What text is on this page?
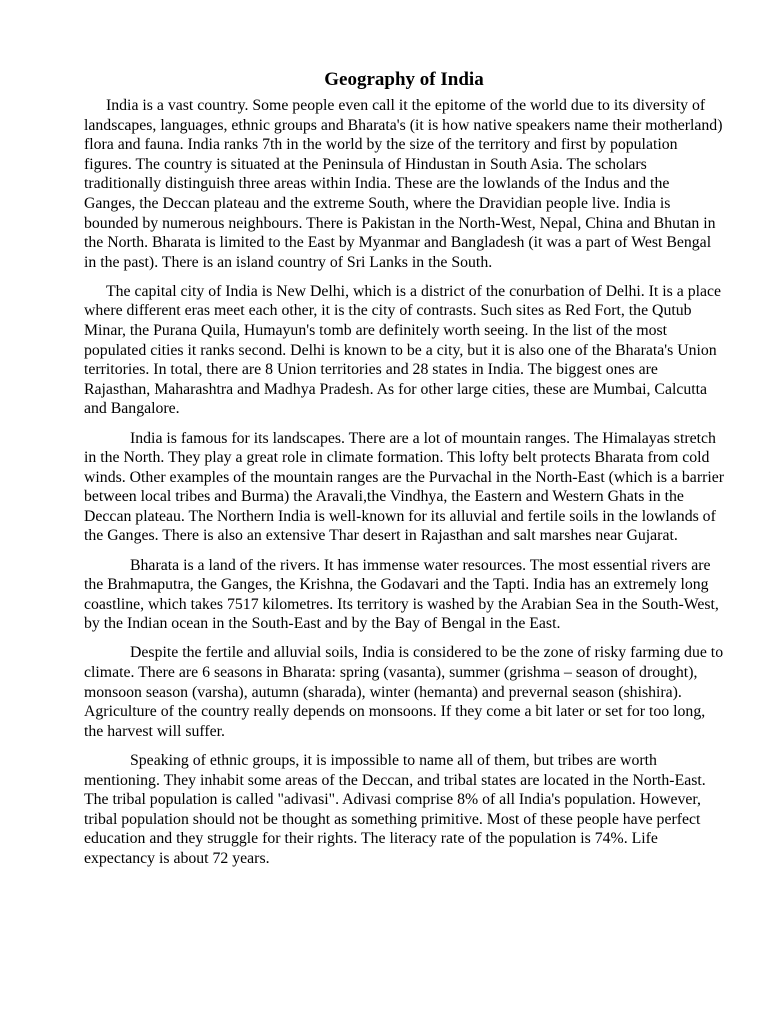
Geography of India

India is a vast country. Some people even call it the epitome of the world due to its diversity of landscapes, languages, ethnic groups and Bharata's (it is how native speakers name their motherland) flora and fauna. India ranks 7th in the world by the size of the territory and first by population figures. The country is situated at the Peninsula of Hindustan in South Asia. The scholars traditionally distinguish three areas within India. These are the lowlands of the Indus and the Ganges, the Deccan plateau and the extreme South, where the Dravidian people live. India is bounded by numerous neighbours. There is Pakistan in the North-West, Nepal, China and Bhutan in the North. Bharata is limited to the East by Myanmar and Bangladesh (it was a part of West Bengal in the past). There is an island country of Sri Lanks in the South.

The capital city of India is New Delhi, which is a district of the conurbation of Delhi. It is a place where different eras meet each other, it is the city of contrasts. Such sites as Red Fort, the Qutub Minar, the Purana Quila, Humayun's tomb are definitely worth seeing. In the list of the most populated cities it ranks second. Delhi is known to be a city, but it is also one of the Bharata's Union territories. In total, there are 8 Union territories and 28 states in India. The biggest ones are Rajasthan, Maharashtra and Madhya Pradesh. As for other large cities, these are Mumbai, Calcutta and Bangalore.

India is famous for its landscapes. There are a lot of mountain ranges. The Himalayas stretch in the North. They play a great role in climate formation. This lofty belt protects Bharata from cold winds. Other examples of the mountain ranges are the Purvachal in the North-East (which is a barrier between local tribes and Burma) the Aravali,the Vindhya, the Eastern and Western Ghats in the Deccan plateau. The Northern India is well-known for its alluvial and fertile soils in the lowlands of the Ganges. There is also an extensive Thar desert in Rajasthan and salt marshes near Gujarat.

Bharata is a land of the rivers. It has immense water resources. The most essential rivers are the Brahmaputra, the Ganges, the Krishna, the Godavari and the Tapti. India has an extremely long coastline, which takes 7517 kilometres. Its territory is washed by the Arabian Sea in the South-West, by the Indian ocean in the South-East and by the Bay of Bengal in the East.

Despite the fertile and alluvial soils, India is considered to be the zone of risky farming due to climate. There are 6 seasons in Bharata: spring (vasanta), summer (grishma – season of drought), monsoon season (varsha), autumn (sharada), winter (hemanta) and prevernal season (shishira). Agriculture of the country really depends on monsoons. If they come a bit later or set for too long, the harvest will suffer.

Speaking of ethnic groups, it is impossible to name all of them, but tribes are worth mentioning. They inhabit some areas of the Deccan, and tribal states are located in the North-East. The tribal population is called "adivasi". Adivasi comprise 8% of all India's population. However, tribal population should not be thought as something primitive. Most of these people have perfect education and they struggle for their rights. The literacy rate of the population is 74%. Life expectancy is about 72 years.
